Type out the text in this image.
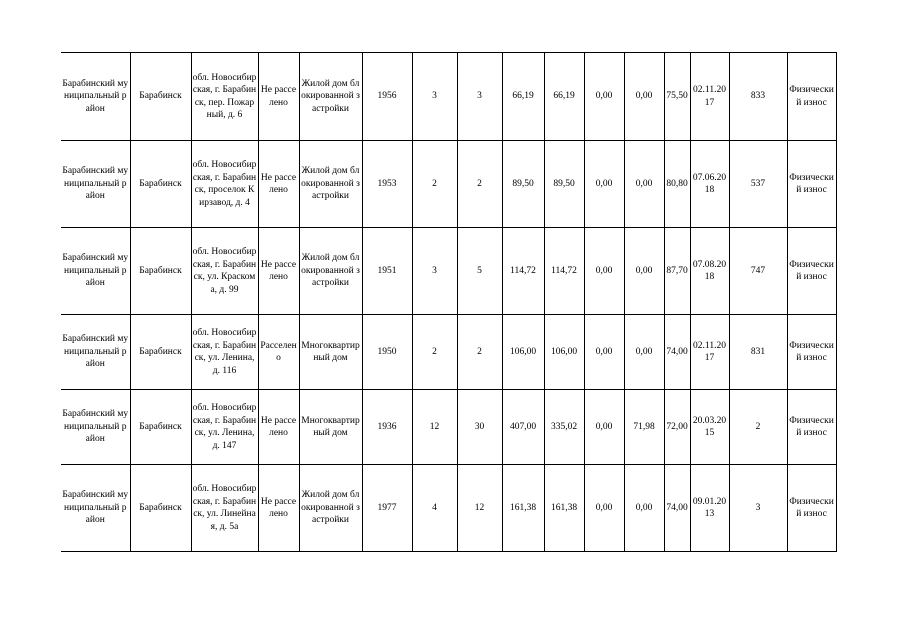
Барабинский муниципальный район	Барабинск	обл. Новосибирская, г. Барабинск, пер. Пожарный, д. 6	Не расселено	Жилой дом блокированной застройки	1956	3	3	66,19	66,19	0,00	0,00	75,50	02.11.2017	833	Физический износ
Барабинский муниципальный район	Барабинск	обл. Новосибирская, г. Барабинск, проселок Кирзавод, д. 4	Не расселено	Жилой дом блокированной застройки	1953	2	2	89,50	89,50	0,00	0,00	80,80	07.06.2018	537	Физический износ
Барабинский муниципальный район	Барабинск	обл. Новосибирская, г. Барабинск, ул. Краскома, д. 99	Не расселено	Жилой дом блокированной застройки	1951	3	5	114,72	114,72	0,00	0,00	87,70	07.08.2018	747	Физический износ
Барабинский муниципальный район	Барабинск	обл. Новосибирская, г. Барабинск, ул. Ленина, д. 116	Расселено	Многоквартирный дом	1950	2	2	106,00	106,00	0,00	0,00	74,00	02.11.2017	831	Физический износ
Барабинский муниципальный район	Барабинск	обл. Новосибирская, г. Барабинск, ул. Ленина, д. 147	Не расселено	Многоквартирный дом	1936	12	30	407,00	335,02	0,00	71,98	72,00	20.03.2015	2	Физический износ
Барабинский муниципальный район	Барабинск	обл. Новосибирская, г. Барабинск, ул. Линейная, д. 5а	Не расселено	Жилой дом блокированной застройки	1977	4	12	161,38	161,38	0,00	0,00	74,00	09.01.2013	3	Физический износ
